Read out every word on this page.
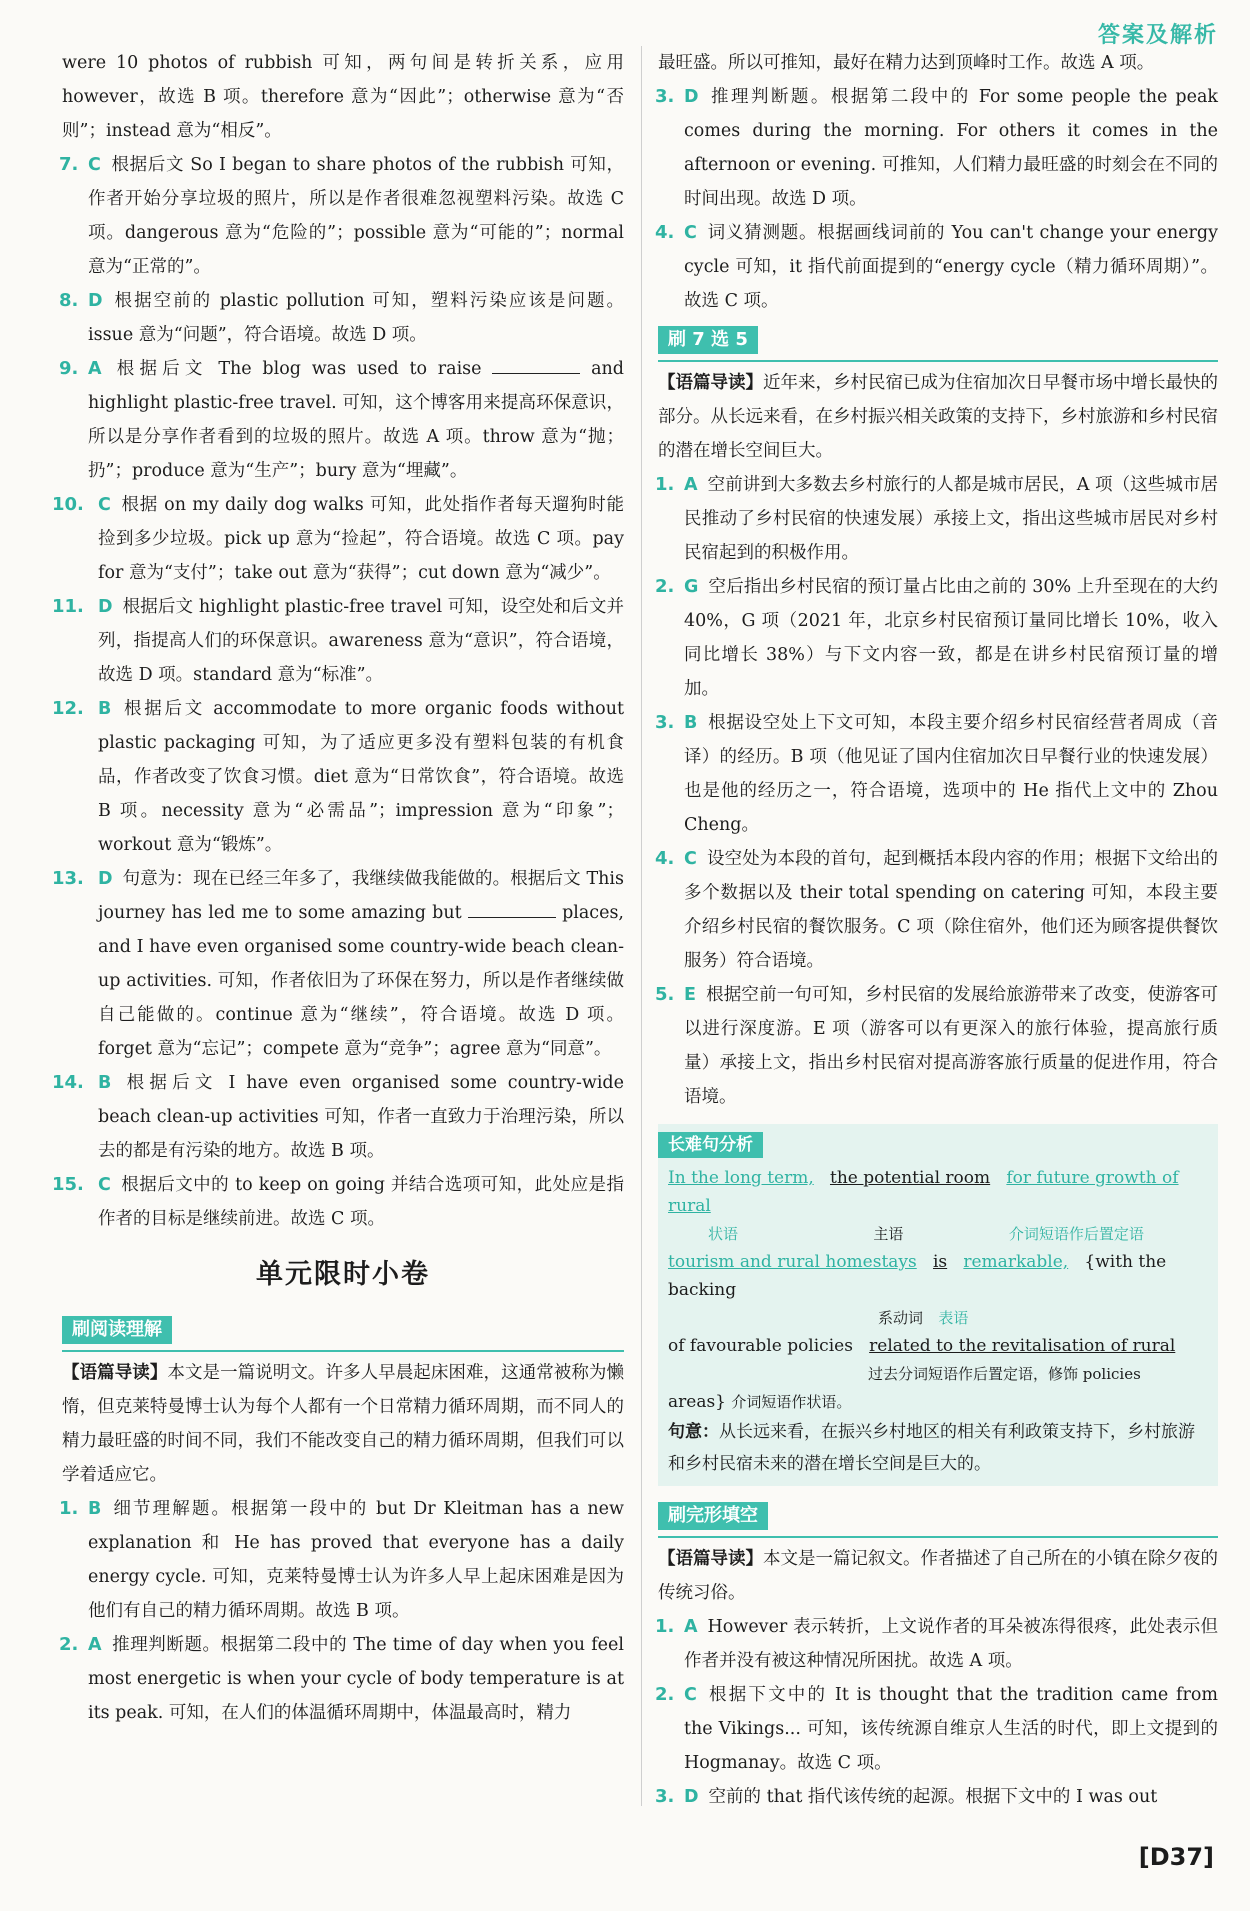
答案及解析

were 10 photos of rubbish 可知，两句间是转折关系，应用 however，故选 B 项。therefore 意为“因此”；otherwise 意为“否则”；instead 意为“相反”。

7. C 根据后文 So I began to share photos of the rubbish 可知，作者开始分享垃圾的照片，所以是作者很难忽视塑料污染。故选 C 项。dangerous 意为“危险的”；possible 意为“可能的”；normal 意为“正常的”。

8. D 根据空前的 plastic pollution 可知，塑料污染应该是问题。issue 意为“问题”，符合语境。故选 D 项。

9. A 根据后文 The blog was used to raise	and highlight plastic-free travel. 可知，这个博客用来提高环保意识，所以是分享作者看到的垃圾的照片。故选 A 项。throw 意为“抛；扔”；produce 意为“生产”；bury 意为“埋藏”。

10. C 根据 on my daily dog walks 可知，此处指作者每天遛狗时能捡到多少垃圾。pick up 意为“捡起”，符合语境。故选 C 项。pay for 意为“支付”；take out 意为“获得”；cut down 意为“减少”。

11. D 根据后文 highlight plastic-free travel 可知，设空处和后文并列，指提高人们的环保意识。awareness 意为“意识”，符合语境，故选 D 项。standard 意为“标准”。

12. B 根据后文 accommodate to more organic foods without plastic packaging 可知，为了适应更多没有塑料包装的有机食品，作者改变了饮食习惯。diet 意为“日常饮食”，符合语境。故选 B 项。necessity 意为“必需品”；impression 意为“印象”；workout 意为“锻炼”。

13. D 句意为：现在已经三年多了，我继续做我能做的。根据后文 This journey has led me to some amazing but	places, and I have even organised some country-wide beach clean-up activities. 可知，作者依旧为了环保在努力，所以是作者继续做自己能做的。continue 意为“继续”，符合语境。故选 D 项。forget 意为“忘记”；compete 意为“竞争”；agree 意为“同意”。

14. B 根据后文 I have even organised some country-wide beach clean-up activities 可知，作者一直致力于治理污染，所以去的都是有污染的地方。故选 B 项。

15. C 根据后文中的 to keep on going 并结合选项可知，此处应是指作者的目标是继续前进。故选 C 项。

单元限时小卷
刷阅读理解

【语篇导读】本文是一篇说明文。许多人早晨起床困难，这通常被称为懒惰，但克莱特曼博士认为每个人都有一个日常精力循环周期，而不同人的精力最旺盛的时间不同，我们不能改变自己的精力循环周期，但我们可以学着适应它。

1. B 细节理解题。根据第一段中的 but Dr Kleitman has a new explanation 和 He has proved that everyone has a daily energy cycle. 可知，克莱特曼博士认为许多人早上起床困难是因为他们有自己的精力循环周期。故选 B 项。

2. A 推理判断题。根据第二段中的 The time of day when you feel most energetic is when your cycle of body temperature is at its peak. 可知，在人们的体温循环周期中，体温最高时，精力

最旺盛。所以可推知，最好在精力达到顶峰时工作。故选 A 项。

3. D 推理判断题。根据第二段中的 For some people the peak comes during the morning. For others it comes in the afternoon or evening. 可推知，人们精力最旺盛的时刻会在不同的时间出现。故选 D 项。

4. C 词义猜测题。根据画线词前的 You can't change your energy cycle 可知，it 指代前面提到的“energy cycle（精力循环周期）”。故选 C 项。

刷 7 选 5

【语篇导读】近年来，乡村民宿已成为住宿加次日早餐市场中增长最快的部分。从长远来看，在乡村振兴相关政策的支持下，乡村旅游和乡村民宿的潜在增长空间巨大。

1. A 空前讲到大多数去乡村旅行的人都是城市居民，A 项（这些城市居民推动了乡村民宿的快速发展）承接上文，指出这些城市居民对乡村民宿起到的积极作用。

2. G 空后指出乡村民宿的预订量占比由之前的 30% 上升至现在的大约 40%，G 项（2021 年，北京乡村民宿预订量同比增长 10%，收入同比增长 38%）与下文内容一致，都是在讲乡村民宿预订量的增加。

3. B 根据设空处上下文可知，本段主要介绍乡村民宿经营者周成（音译）的经历。B 项（他见证了国内住宿加次日早餐行业的快速发展）也是他的经历之一，符合语境，选项中的 He 指代上文中的 Zhou Cheng。

4. C 设空处为本段的首句，起到概括本段内容的作用；根据下文给出的多个数据以及 their total spending on catering 可知，本段主要介绍乡村民宿的餐饮服务。C 项（除住宿外，他们还为顾客提供餐饮服务）符合语境。

5. E 根据空前一句可知，乡村民宿的发展给旅游带来了改变，使游客可以进行深度游。E 项（游客可以有更深入的旅行体验，提高旅行质量）承接上文，指出乡村民宿对提高游客旅行质量的促进作用，符合语境。

长难句分析
In the long term, the potential room for future growth of rural
状语	主语	介词短语作后置定语
tourism and rural homestays is remarkable, {with the backing
系动词 表语
of favourable policies related to the revitalisation of rural
过去分词短语作后置定语，修饰 policies
areas} 介词短语作状语。
句意：从长远来看，在振兴乡村地区的相关有利政策支持下，乡村旅游和乡村民宿未来的潜在增长空间是巨大的。
刷完形填空

【语篇导读】本文是一篇记叙文。作者描述了自己所在的小镇在除夕夜的传统习俗。

1. A However 表示转折，上文说作者的耳朵被冻得很疼，此处表示但作者并没有被这种情况所困扰。故选 A 项。

2. C 根据下文中的 It is thought that the tradition came from the Vikings... 可知，该传统源自维京人生活的时代，即上文提到的 Hogmanay。故选 C 项。

3. D 空前的 that 指代该传统的起源。根据下文中的 I was out

[D37]
